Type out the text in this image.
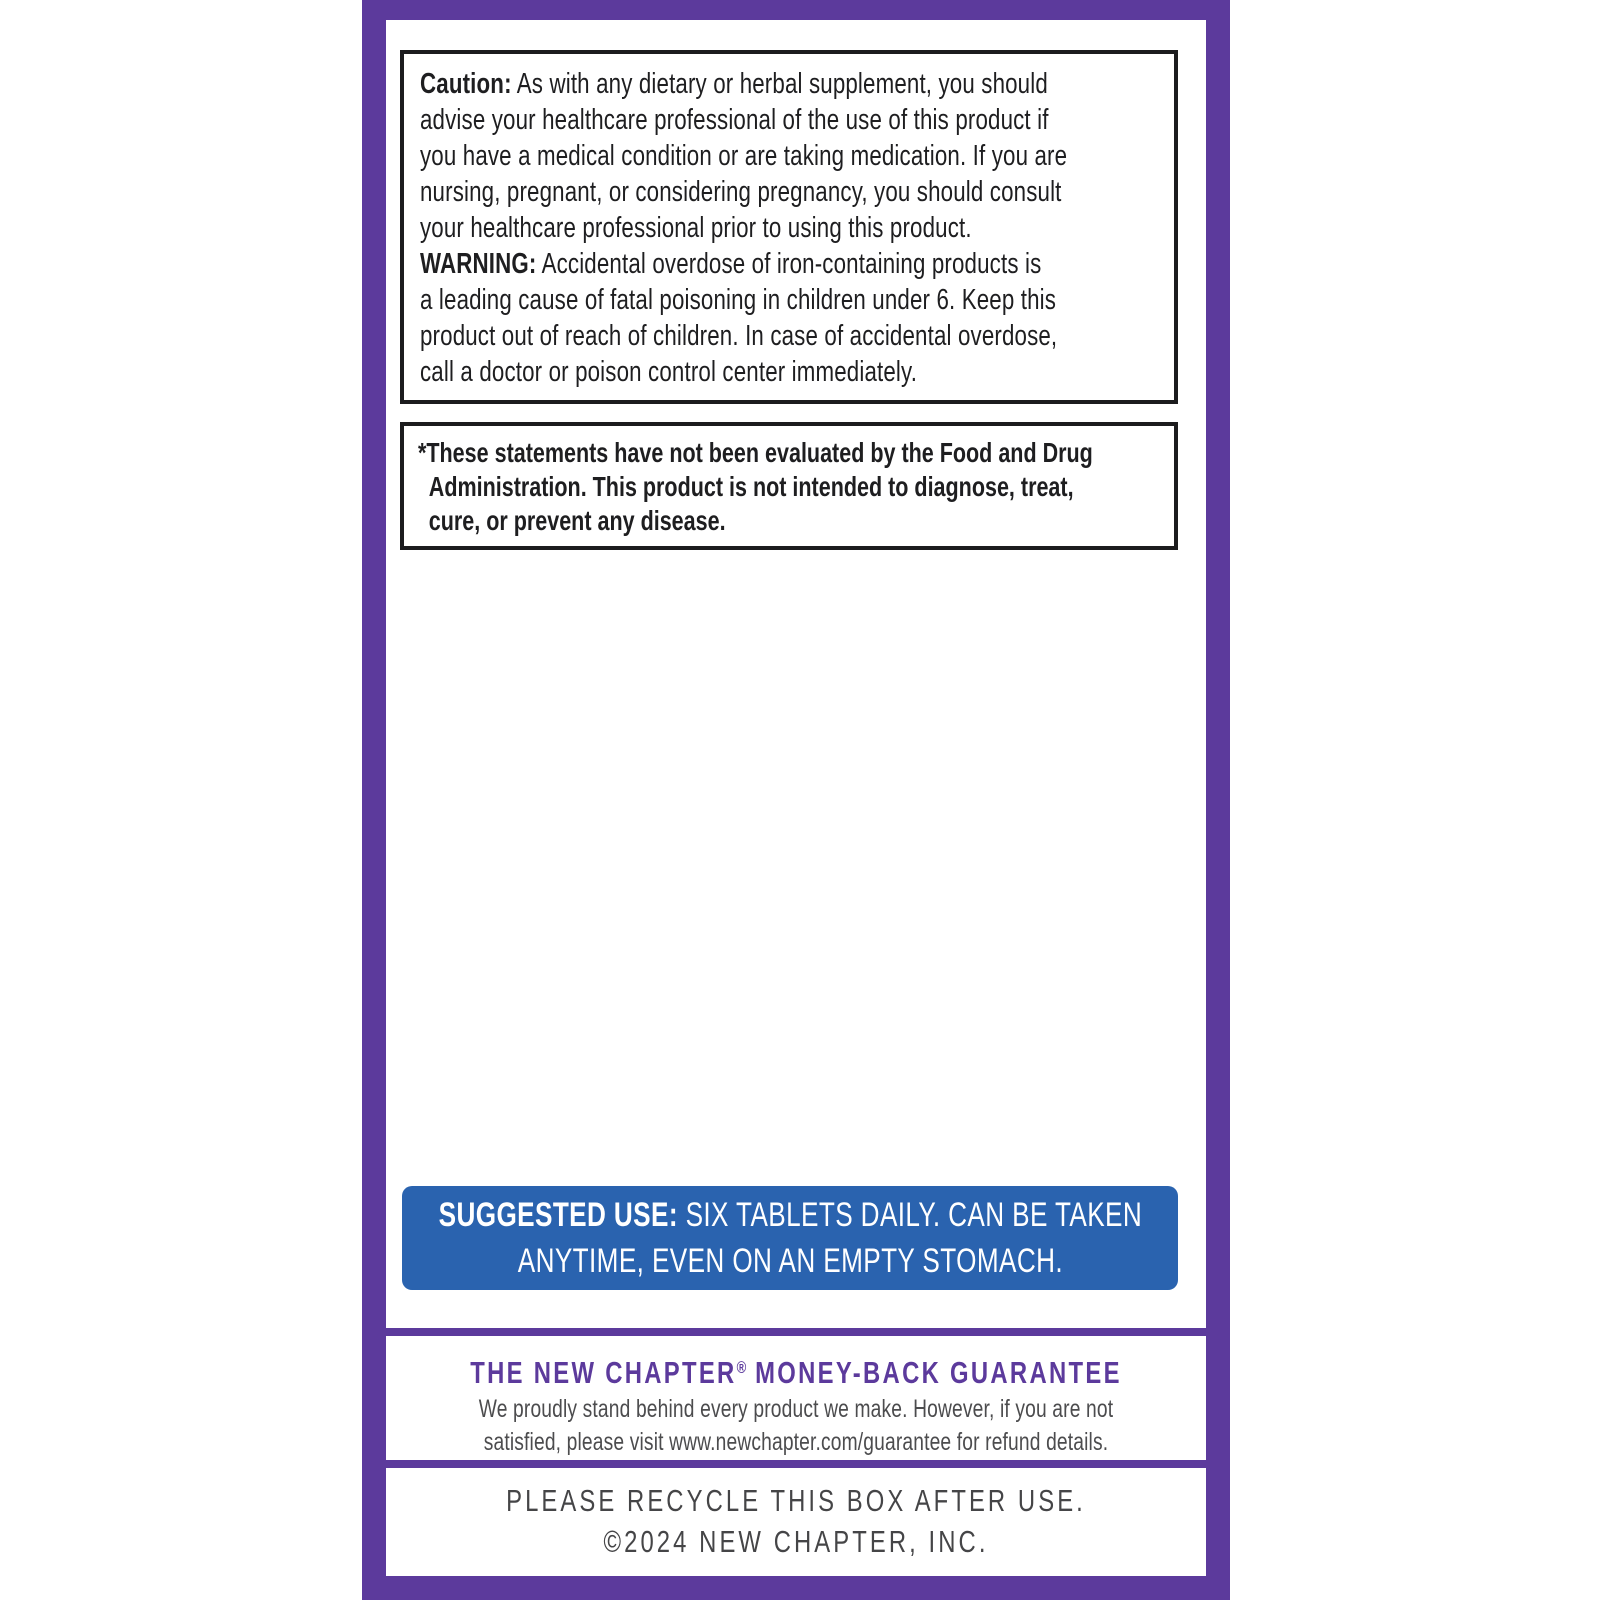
Caution: As with any dietary or herbal supplement, you should
advise your healthcare professional of the use of this product if
you have a medical condition or are taking medication. If you are
nursing, pregnant, or considering pregnancy, you should consult
your healthcare professional prior to using this product.
WARNING: Accidental overdose of iron-containing products is
a leading cause of fatal poisoning in children under 6. Keep this
product out of reach of children. In case of accidental overdose,
call a doctor or poison control center immediately.
*These statements have not been evaluated by the Food and Drug
Administration. This product is not intended to diagnose, treat,
cure, or prevent any disease.
SUGGESTED USE: SIX TABLETS DAILY. CAN BE TAKEN
ANYTIME, EVEN ON AN EMPTY STOMACH.
THE NEW CHAPTER® MONEY-BACK GUARANTEE
We proudly stand behind every product we make. However, if you are not
satisfied, please visit www.newchapter.com/guarantee for refund details.
PLEASE RECYCLE THIS BOX AFTER USE.
©2024 NEW CHAPTER, INC.
